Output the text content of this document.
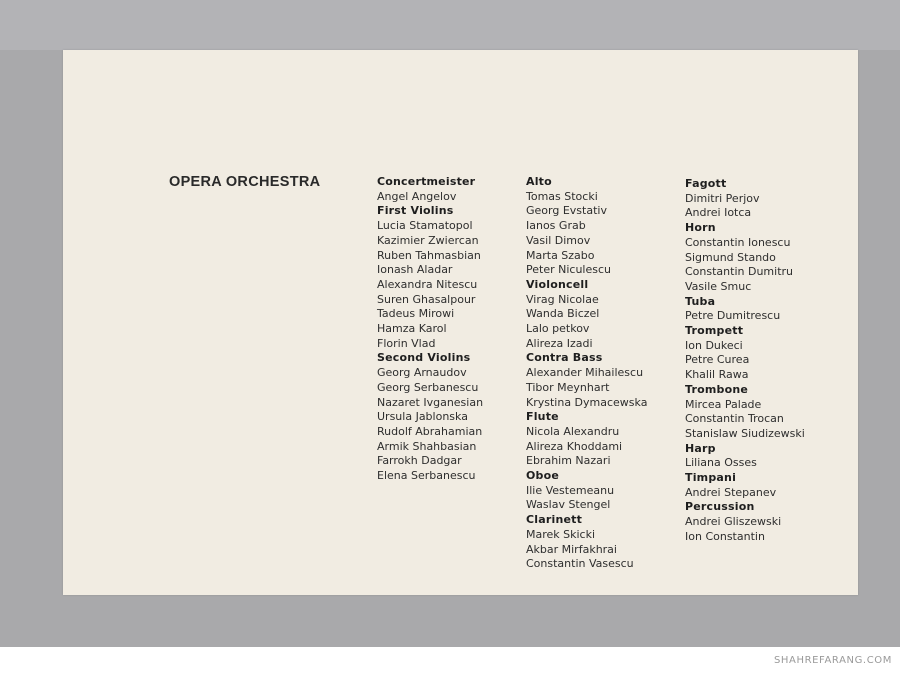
OPERA ORCHESTRA	Concertmeister
Angel Angelov
First Violins
Lucia Stamatopol
Kazimier Zwiercan
Ruben Tahmasbian
Ionash Aladar
Alexandra Nitescu
Suren Ghasalpour
Tadeus Mirowi
Hamza Karol
Florin Vlad
Second Violins
Georg Arnaudov
Georg Serbanescu
Nazaret Ivganesian
Ursula Jablonska
Rudolf Abrahamian
Armik Shahbasian
Farrokh Dadgar
Elena Serbanescu
Alto
Tomas Stocki
Georg Evstativ
Ianos Grab
Vasil Dimov
Marta Szabo
Peter Niculescu
Violoncell
Virag Nicolae
Wanda Biczel
Lalo petkov
Alireza Izadi
Contra Bass
Alexander Mihailescu
Tibor Meynhart
Krystina Dymacewska
Flute
Nicola Alexandru
Alireza Khoddami
Ebrahim Nazari
Oboe
Ilie Vestemeanu
Waslav Stengel
Clarinett
Marek Skicki
Akbar Mirfakhrai
Constantin Vasescu
Fagott
Dimitri Perjov
Andrei Iotca
Horn
Constantin Ionescu
Sigmund Stando
Constantin Dumitru
Vasile Smuc
Tuba
Petre Dumitrescu
Trompett
Ion Dukeci
Petre Curea
Khalil Rawa
Trombone
Mircea Palade
Constantin Trocan
Stanislaw Siudizewski
Harp
Liliana Osses
Timpani
Andrei Stepanev
Percussion
Andrei Gliszewski
Ion Constantin
SHAHREFARANG.COM
